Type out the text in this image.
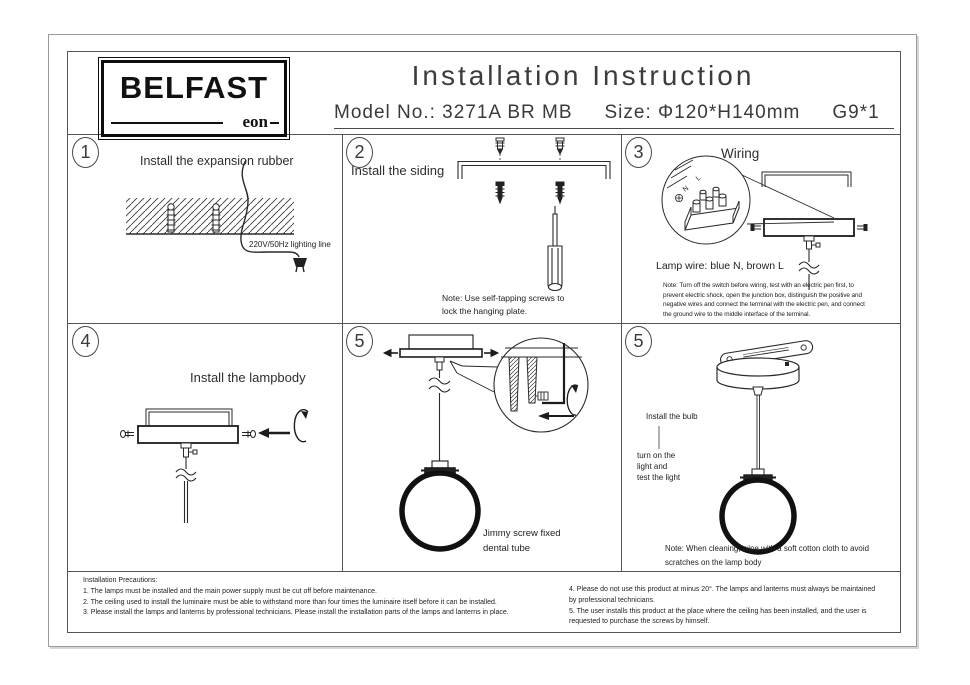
BELFAST
eon
Installation Instruction
Model No.: 3271A BR MB Size: Φ120*H140mm G9*1
1	Install the expansion rubber
220V/50Hz lighting line
2
Install the siding
Note: Use self-tapping screws to
lock the hanging plate.
N
L
3	Wiring
Lamp wire: blue N, brown L
Note: Turn off the switch before wiring, test with an electric pen first, to
prevent electric shock, open the junction box, distinguish the positive and
negative wires and connect the terminal with the electric pen, and connect
the ground wire to the middle interface of the terminal.
4
Install the lampbody
5
Jimmy screw fixed
dental tube
5
Install the bulb
turn on the
light and
test the light
Note: When cleaning, wipe with a soft cotton cloth to avoid
scratches on the lamp body
Installation Precautions:
1. The lamps must be installed and the main power supply must be cut off before maintenance.
2. The ceiling used to install the luminaire must be able to withstand more than four times the luminaire itself before it can be installed.
3. Please install the lamps and lanterns by professional technicians. Please install the installation parts of the lamps and lanterns in place.
4. Please do not use this product at minus 20°. The lamps and lanterns must always be maintained
by professional technicians.
5. The user installs this product at the place where the ceiling has been installed, and the user is
requested to purchase the screws by himself.
